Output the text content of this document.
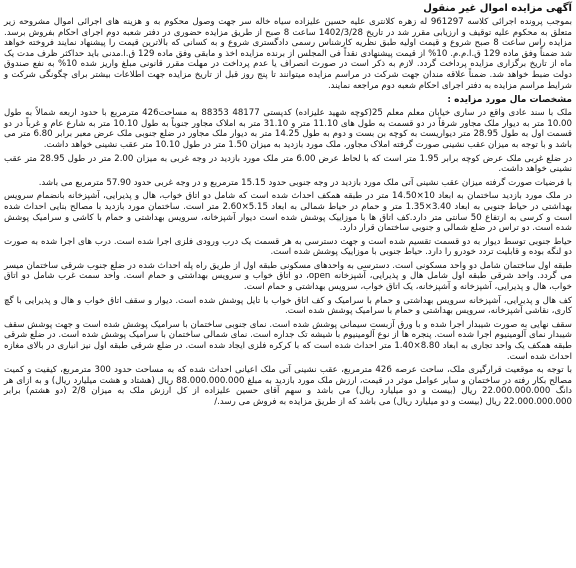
آگهی مزایده اموال غیر منقول

بموجب پرونده اجرائی کلاسه 961297 له زهره کلانتری علیه حسین علیزاده سیاه خاله سر جهت وصول محکوم به و هزینه های اجرائی اموال مشروحه زیر متعلق به محکوم علیه توقیف و ارزیابی مقرر شد در تاریخ 1402/3/28 ساعت 8 صبح از طریق مزایده حضوری در دفتر شعبه دوم اجرای احکام بفروش برسد. مزایده راس ساعت 8 صبح شروع و قیمت اولیه طبق نظریه کارشناس رسمی دادگستری شروع و به کسانی که بالاترین قیمت را پیشنهاد نمایند فروخته خواهد شد ضمناً وفق ماده 129 ق.ا.م.م. 10% از قیمت پیشنهادی نقداً فی المجلس از برنده مزایده اخذ و مابقی وفق ماده 129 ق.ا.مدنی باید حداکثر ظرف مدت یک ماه از تاریخ برگزاری مزایده پرداخت گردد. لازم به ذکر است در صورت انصراف یا عدم پرداخت در مهلت مقرر قانونی مبلغ واریز شده 10% به نفع صندوق دولت ضبط خواهد شد. ضمناً علاقه مندان جهت شرکت در مراسم مزایده میتوانند تا پنج روز قبل از تاریخ مزایده جهت اطلاعات بیشتر برای چگونگی شرکت و شرایط مراسم مزایده به دفتر اجرای احکام شعبه دوم مراجعه نمایند.

مشخصات مال مورد مزایده :

ملک با سند عادی واقع در ساری خیابان معلم معلم 25(کوچه شهید علیزاده) کدپستی 48177 88353 به مساحت426 مترمربع با حدود اربعه شمالاً به طول 10.00 متر به دیوار ملک مجاور شرقاً در دو قسمت به طول های 11.10 متر و 31.10 متر به املاک مجاور جنوباً به طول 10.10 متر به شارع عام و غرباً در دو قسمت اول به طول 28.95 متر دیواریست به کوچه بن بست و دوم به طول 14.25 متر به دیوار ملک مجاور در ضلع جنوبی ملک عرض معبر برابر 6.80 متر می باشد و با توجه به میزان عقب نشینی صورت گرفته املاک مجاور، ملک مورد بازدید به میزان 1.50 متر در طول 10.10 متر عقب نشینی خواهد داشت.

در ضلع غربی ملک عرض کوچه برابر 1.95 متر است که با لحاظ عرض 6.00 متر ملک مورد بازدید در وجه غربی به میزان 2.00 متر در طول 28.95 متر عقب نشینی خواهد داشت.

با فرضیات صورت گرفته میزان عقب نشینی آتی ملک مورد بازدید در وجه جنوبی حدود 15.15 مترمربع و در وجه غربی حدود 57.90 مترمربع می باشد.

در ملک مورد بازدید ساختمان به ابعاد 10×14.50 متر در طبقه همکف احداث شده است که شامل دو اتاق خواب، هال و پذیرایی، آشپزخانه بانضمام سرویس بهداشتی در حیاط جنوبی به ابعاد 3.40×1.35 متر و حمام در حیاط شمالی به ابعاد 5.15×2.60 متر است. ساختمان مورد بازدید با مصالح بنایی احداث شده است و کرسی به ارتفاع 50 سانتی متر دارد.کف اتاق ها با موزاییک پوشش شده است دیوار آشپزخانه، سرویس بهداشتی و حمام با کاشی و سرامیک پوشش شده است. دو تراس در ضلع شمالی و جنوبی ساختمان قرار دارد.

حیاط جنوبی توسط دیوار به دو قسمت تقسیم شده است و جهت دسترسی به هر قسمت یک درب ورودی فلزی اجرا شده است. درب های اجرا شده به صورت دو لنگه بوده و قابلیت تردد خودرو را دارد. حیاط جنوبی با موزاییک پوشش شده است.

طبقه اول ساختمان شامل دو واحد مسکونی است. دسترسی به واحدهای مسکونی طبقه اول از طریق راه پله احداث شده در ضلع جنوب شرقی ساختمان میسر می گردد. واحد شرقی طبقه اول شامل هال و پذیرایی، آشپزخانه open، دو اتاق خواب و سرویس بهداشتی و حمام است. واحد سمت غرب شامل دو اتاق خواب، هال و پذیرایی، آشپزخانه و آشپزخانه، یک اتاق خواب، سرویس بهداشتی و حمام است.

کف هال و پذیرایی، آشپزخانه سرویس بهداشتی و حمام با سرامیک و کف اتاق خواب با تایل پوشش شده است. دیوار و سقف اتاق خواب و هال و پذیرایی با گچ کاری، نقاشی آشپزخانه، سرویس بهداشتی و حمام با سرامیک پوشش شده است.

سقف نهایی به صورت شیبدار اجرا شده و با ورق آزبست سیمانی پوشش شده است. نمای جنوبی ساختمان با سرامیک پوشش شده است و جهت پوشش سقف شیبدار نمای آلومینیوم اجرا شده است. پنجره ها از نوع آلومینیوم با شیشه تک جداره است. نمای شمالی ساختمان با سرامیک پوشش شده است. در ضلع شرقی طبقه همکف یک واحد تجاری به ابعاد 8.80×1.40 متر احداث شده است که با کرکره فلزی ایجاد شده است. در ضلع شرقی طبقه اول نیز انباری در بالای مغازه احداث شده است.

با توجه به موقعیت قرارگیری ملک، ساحت عرصه 426 مترمربع، عقب نشینی آتی ملک اعیانی احداث شده که به مساحت حدود 300 مترمربع، کیفیت و کمیت مصالح بکار رفته در ساختمان و سایر عوامل موثر در قیمت، ارزش ملک مورد بازدید به مبلغ 88.000.000.000 ریال (هشتاد و هشت میلیارد ریال) و به ازای هر دانگ 22.000.000.000 ریال (بیست و دو میلیارد ریال) می باشد و سهم آقای حسین علیزاده از کل ارزش ملک به میزان 2/8 (دو هشتم) برابر 22.000.000.000 ریال (بیست و دو میلیارد ریال) می باشد که از طریق مزایده به فروش می رسد./
